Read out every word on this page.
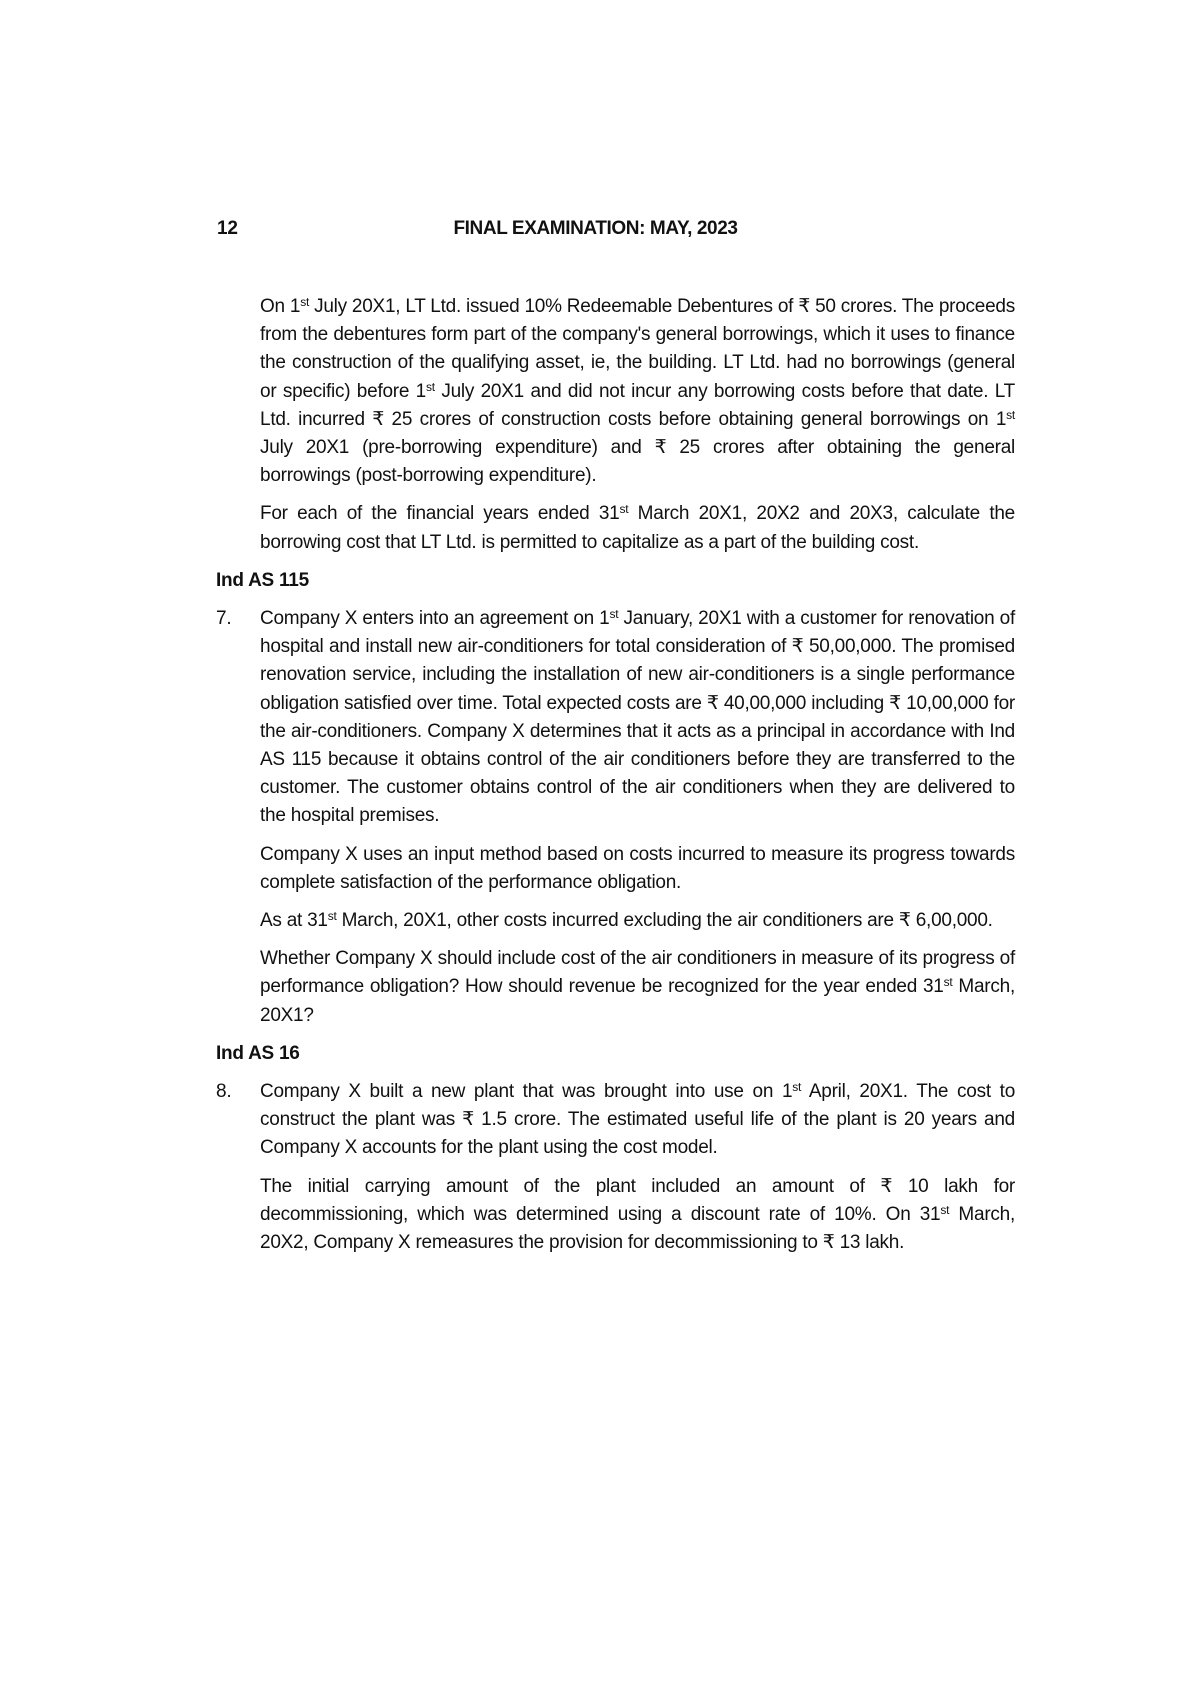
12	FINAL EXAMINATION: MAY, 2023

On 1st July 20X1, LT Ltd. issued 10% Redeemable Debentures of ₹ 50 crores. The proceeds from the debentures form part of the company's general borrowings, which it uses to finance the construction of the qualifying asset, ie, the building. LT Ltd. had no borrowings (general or specific) before 1st July 20X1 and did not incur any borrowing costs before that date. LT Ltd. incurred ₹ 25 crores of construction costs before obtaining general borrowings on 1st July 20X1 (pre-borrowing expenditure) and ₹ 25 crores after obtaining the general borrowings (post-borrowing expenditure).

For each of the financial years ended 31st March 20X1, 20X2 and 20X3, calculate the borrowing cost that LT Ltd. is permitted to capitalize as a part of the building cost.

Ind AS 115
7. Company X enters into an agreement on 1st January, 20X1 with a customer for renovation of hospital and install new air-conditioners for total consideration of ₹ 50,00,000. The promised renovation service, including the installation of new air-conditioners is a single performance obligation satisfied over time. Total expected costs are ₹ 40,00,000 including ₹ 10,00,000 for the air-conditioners. Company X determines that it acts as a principal in accordance with Ind AS 115 because it obtains control of the air conditioners before they are transferred to the customer. The customer obtains control of the air conditioners when they are delivered to the hospital premises.

Company X uses an input method based on costs incurred to measure its progress towards complete satisfaction of the performance obligation.

As at 31st March, 20X1, other costs incurred excluding the air conditioners are ₹ 6,00,000.

Whether Company X should include cost of the air conditioners in measure of its progress of performance obligation? How should revenue be recognized for the year ended 31st March, 20X1?

Ind AS 16
8. Company X built a new plant that was brought into use on 1st April, 20X1. The cost to construct the plant was ₹ 1.5 crore. The estimated useful life of the plant is 20 years and Company X accounts for the plant using the cost model.

The initial carrying amount of the plant included an amount of ₹ 10 lakh for decommissioning, which was determined using a discount rate of 10%. On 31st March, 20X2, Company X remeasures the provision for decommissioning to ₹ 13 lakh.
